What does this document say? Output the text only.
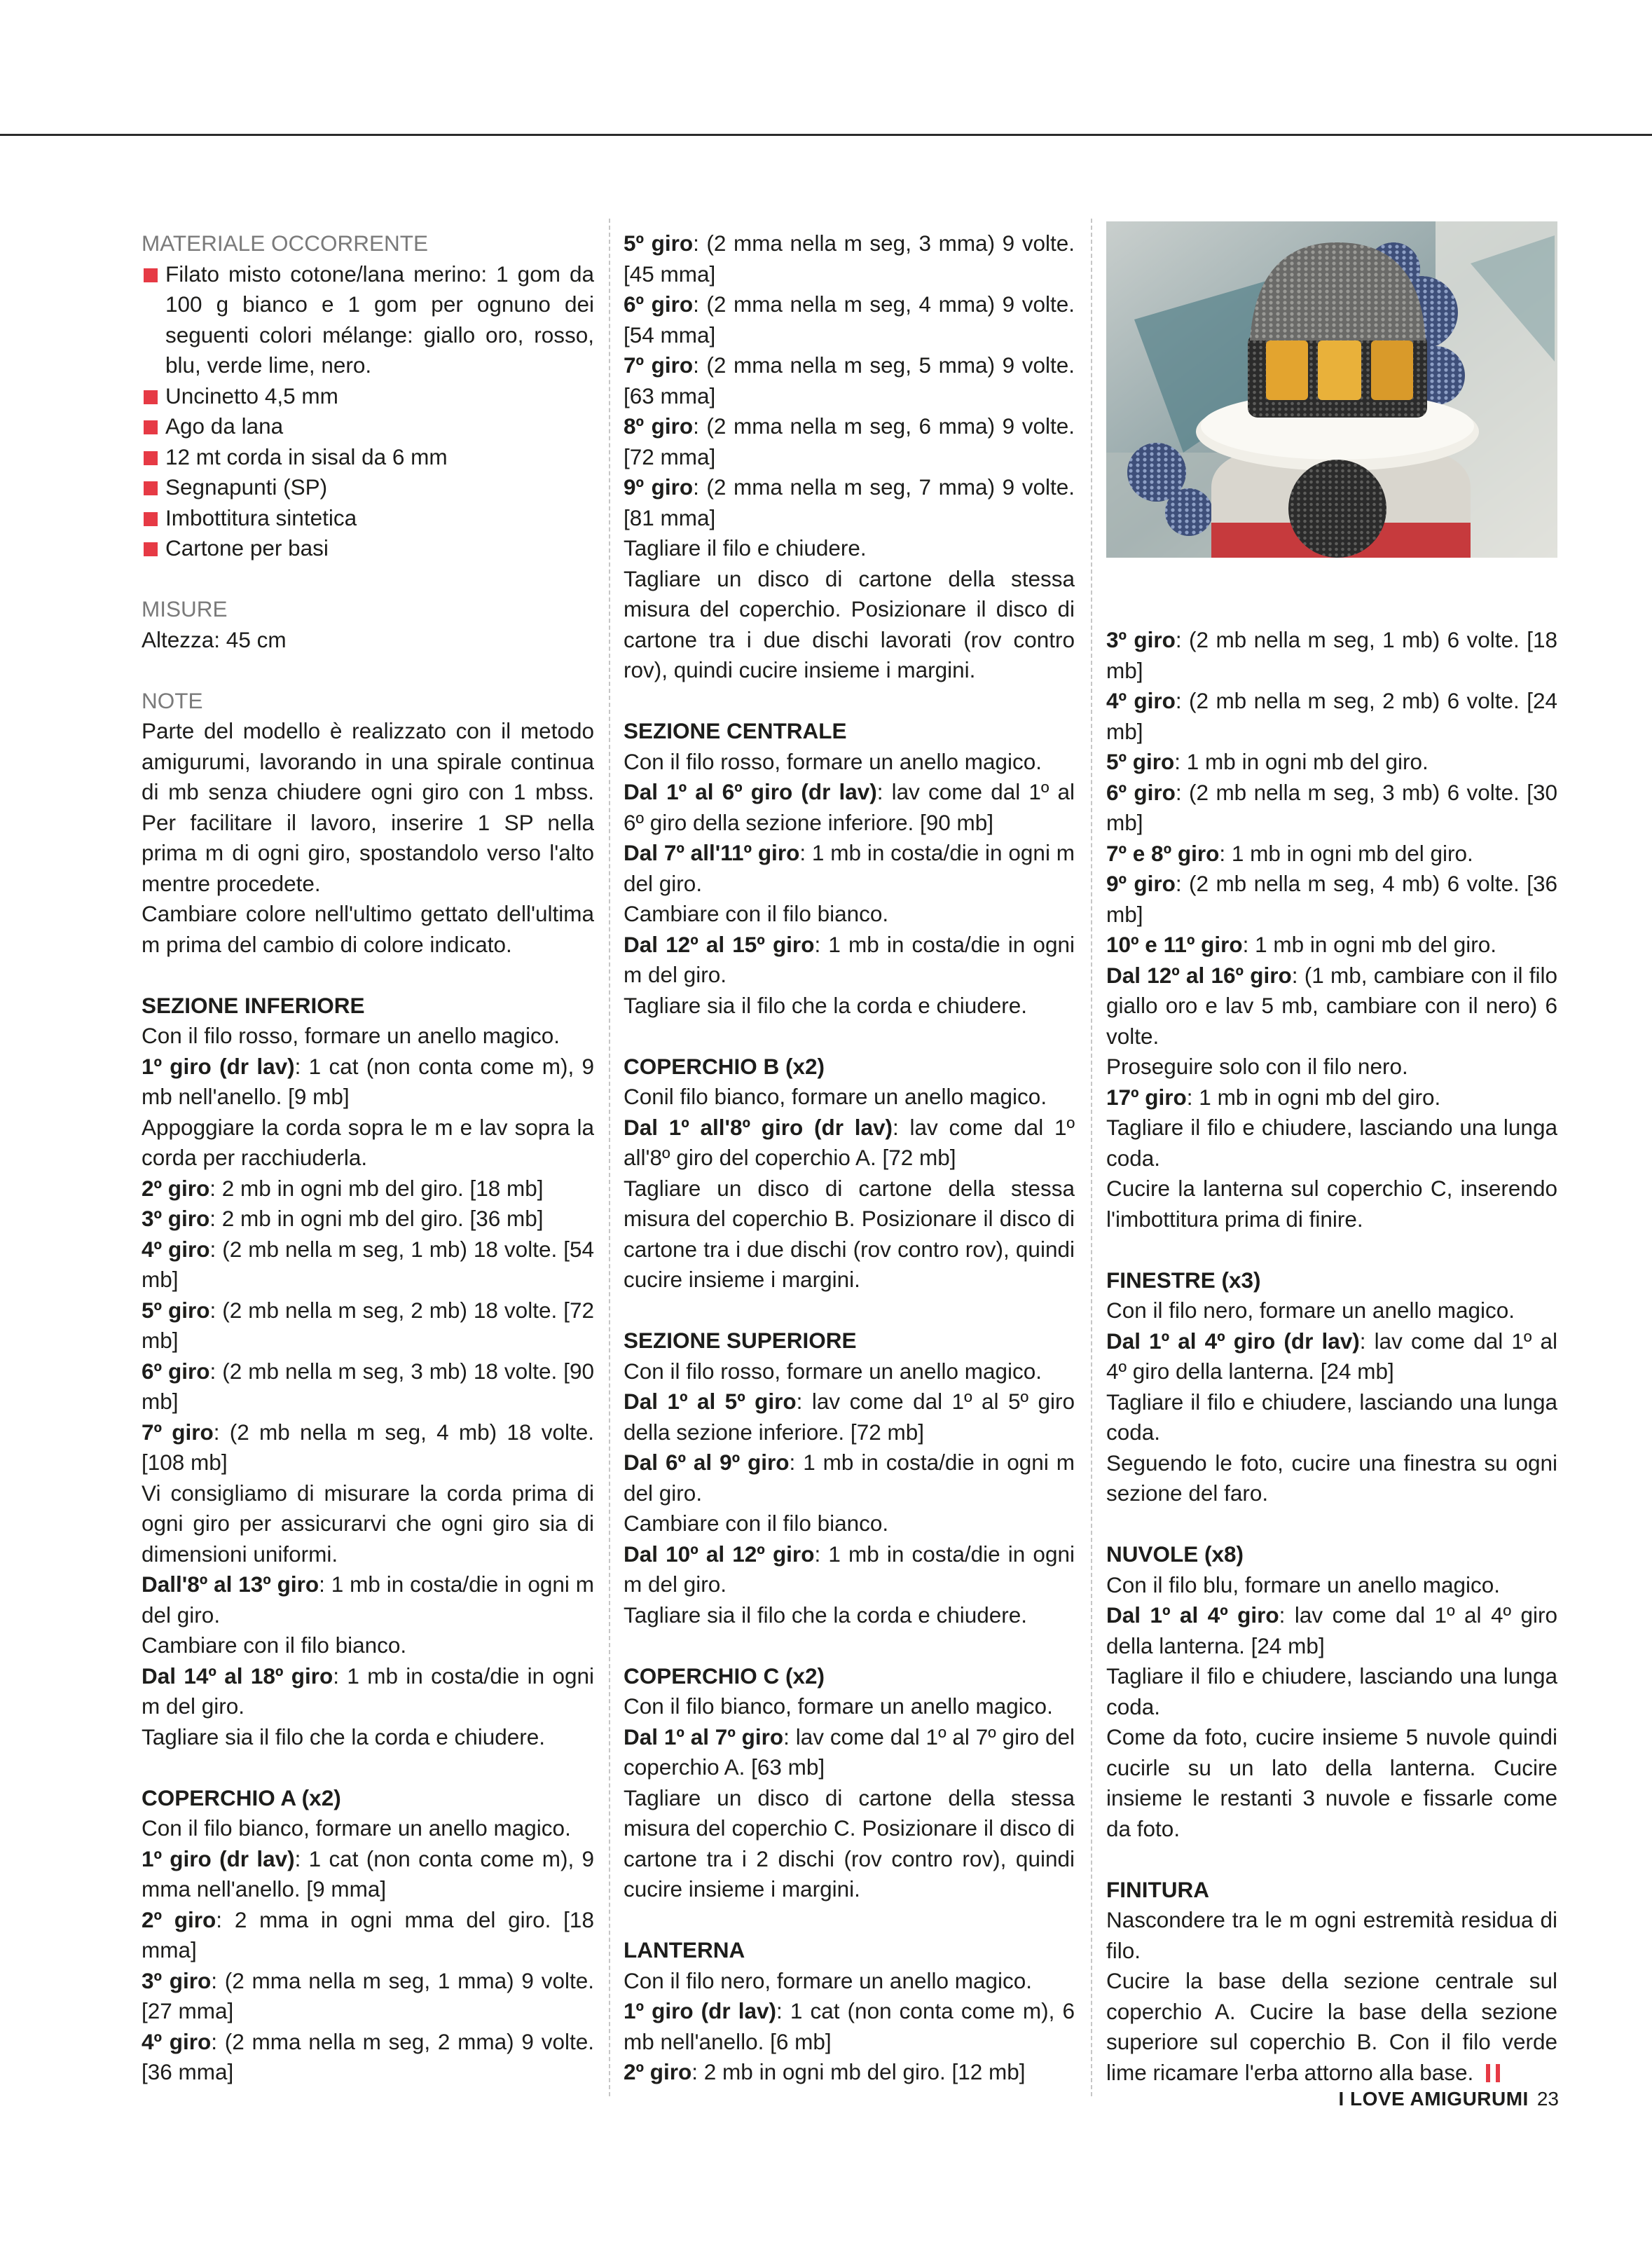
MATERIALE OCCORRENTE

Filato misto cotone/lana merino: 1 gom da 100 g bianco e 1 gom per ognuno dei seguenti colori mélange: giallo oro, rosso, blu, verde lime, nero.

Uncinetto 4,5 mm

Ago da lana

12 mt corda in sisal da 6 mm

Segnapunti (SP)

Imbottitura sintetica

Cartone per basi

MISURE

Altezza: 45 cm

NOTE

Parte del modello è realizzato con il metodo amigurumi, lavorando in una spirale continua di mb senza chiudere ogni giro con 1 mbss. Per facilitare il lavoro, inserire 1 SP nella prima m di ogni giro, spostandolo verso l'alto mentre procedete.

Cambiare colore nell'ultimo gettato dell'ultima m prima del cambio di colore indicato.

SEZIONE INFERIORE

Con il filo rosso, formare un anello magico.

1º giro (dr lav): 1 cat (non conta come m), 9 mb nell'anello. [9 mb]

Appoggiare la corda sopra le m e lav sopra la corda per racchiuderla.

2º giro: 2 mb in ogni mb del giro. [18 mb]

3º giro: 2 mb in ogni mb del giro. [36 mb]

4º giro: (2 mb nella m seg, 1 mb) 18 volte. [54 mb]

5º giro: (2 mb nella m seg, 2 mb) 18 volte. [72 mb]

6º giro: (2 mb nella m seg, 3 mb) 18 volte. [90 mb]

7º giro: (2 mb nella m seg, 4 mb) 18 volte. [108 mb]

Vi consigliamo di misurare la corda prima di ogni giro per assicurarvi che ogni giro sia di dimensioni uniformi.

Dall'8º al 13º giro: 1 mb in costa/die in ogni m del giro.

Cambiare con il filo bianco.

Dal 14º al 18º giro: 1 mb in costa/die in ogni m del giro.

Tagliare sia il filo che la corda e chiudere.

COPERCHIO A (x2)

Con il filo bianco, formare un anello magico.

1º giro (dr lav): 1 cat (non conta come m), 9 mma nell'anello. [9 mma]

2º giro: 2 mma in ogni mma del giro. [18 mma]

3º giro: (2 mma nella m seg, 1 mma) 9 volte. [27 mma]

4º giro: (2 mma nella m seg, 2 mma) 9 volte. [36 mma]

5º giro: (2 mma nella m seg, 3 mma) 9 volte. [45 mma]

6º giro: (2 mma nella m seg, 4 mma) 9 volte. [54 mma]

7º giro: (2 mma nella m seg, 5 mma) 9 volte. [63 mma]

8º giro: (2 mma nella m seg, 6 mma) 9 volte. [72 mma]

9º giro: (2 mma nella m seg, 7 mma) 9 volte. [81 mma]

Tagliare il filo e chiudere.

Tagliare un disco di cartone della stessa misura del coperchio. Posizionare il disco di cartone tra i due dischi lavorati (rov contro rov), quindi cucire insieme i margini.

SEZIONE CENTRALE

Con il filo rosso, formare un anello magico.

Dal 1º al 6º giro (dr lav): lav come dal 1º al 6º giro della sezione inferiore. [90 mb]

Dal 7º all'11º giro: 1 mb in costa/die in ogni m del giro.

Cambiare con il filo bianco.

Dal 12º al 15º giro: 1 mb in costa/die in ogni m del giro.

Tagliare sia il filo che la corda e chiudere.

COPERCHIO B (x2)

Conil filo bianco, formare un anello magico.

Dal 1º all'8º giro (dr lav): lav come dal 1º all'8º giro del coperchio A. [72 mb]

Tagliare un disco di cartone della stessa misura del coperchio B. Posizionare il disco di cartone tra i due dischi (rov contro rov), quindi cucire insieme i margini.

SEZIONE SUPERIORE

Con il filo rosso, formare un anello magico.

Dal 1º al 5º giro: lav come dal 1º al 5º giro della sezione inferiore. [72 mb]

Dal 6º al 9º giro: 1 mb in costa/die in ogni m del giro.

Cambiare con il filo bianco.

Dal 10º al 12º giro: 1 mb in costa/die in ogni m del giro.

Tagliare sia il filo che la corda e chiudere.

COPERCHIO C (x2)

Con il filo bianco, formare un anello magico.

Dal 1º al 7º giro: lav come dal 1º al 7º giro del coperchio A. [63 mb]

Tagliare un disco di cartone della stessa misura del coperchio C. Posizionare il disco di cartone tra i 2 dischi (rov contro rov), quindi cucire insieme i margini.

LANTERNA

Con il filo nero, formare un anello magico.

1º giro (dr lav): 1 cat (non conta come m), 6 mb nell'anello. [6 mb]

2º giro: 2 mb in ogni mb del giro. [12 mb]

3º giro: (2 mb nella m seg, 1 mb) 6 volte. [18 mb]

4º giro: (2 mb nella m seg, 2 mb) 6 volte. [24 mb]

5º giro: 1 mb in ogni mb del giro.

6º giro: (2 mb nella m seg, 3 mb) 6 volte. [30 mb]

7º e 8º giro: 1 mb in ogni mb del giro.

9º giro: (2 mb nella m seg, 4 mb) 6 volte. [36 mb]

10º e 11º giro: 1 mb in ogni mb del giro.

Dal 12º al 16º giro: (1 mb, cambiare con il filo giallo oro e lav 5 mb, cambiare con il nero) 6 volte.

Proseguire solo con il filo nero.

17º giro: 1 mb in ogni mb del giro.

Tagliare il filo e chiudere, lasciando una lunga coda.

Cucire la lanterna sul coperchio C, inserendo l'imbottitura prima di finire.

FINESTRE (x3)

Con il filo nero, formare un anello magico.

Dal 1º al 4º giro (dr lav): lav come dal 1º al 4º giro della lanterna. [24 mb]

Tagliare il filo e chiudere, lasciando una lunga coda.

Seguendo le foto, cucire una finestra su ogni sezione del faro.

NUVOLE (x8)

Con il filo blu, formare un anello magico.

Dal 1º al 4º giro: lav come dal 1º al 4º giro della lanterna. [24 mb]

Tagliare il filo e chiudere, lasciando una lunga coda.

Come da foto, cucire insieme 5 nuvole quindi cucirle su un lato della lanterna. Cucire insieme le restanti 3 nuvole e fissarle come da foto.

FINITURA

Nascondere tra le m ogni estremità residua di filo.

Cucire la base della sezione centrale sul coperchio A. Cucire la base della sezione superiore sul coperchio B. Con il filo verde lime ricamare l'erba attorno alla base.

I LOVE AMIGURUMI 23
